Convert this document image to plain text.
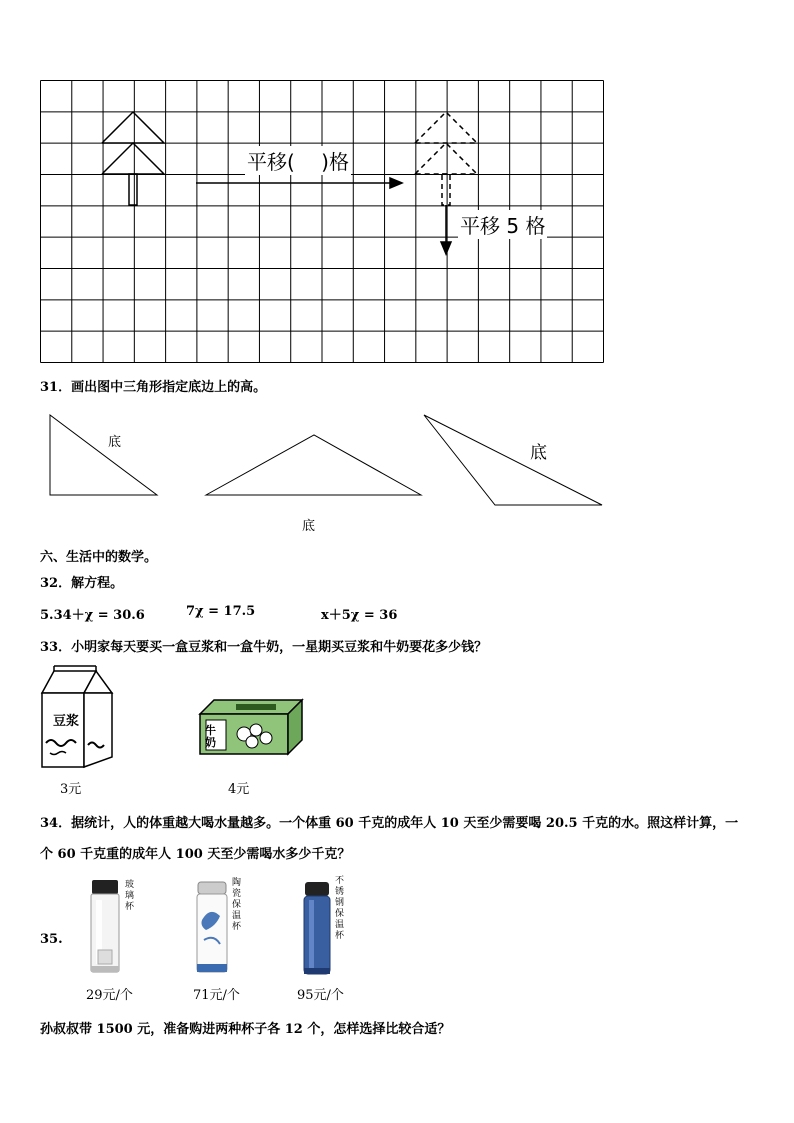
平移(　 )格
平移 5 格
31．画出图中三角形指定底边上的高。
底
底
底
六、生活中的数学。
32．解方程。
5.34＋χ = 30.6	7χ = 17.5	x＋5χ = 36
33．小明家每天要买一盒豆浆和一盒牛奶，一星期买豆浆和牛奶要花多少钱？
豆浆
牛奶
3元	4元
34．据统计，人的体重越大喝水量越多。一个体重 60 千克的成年人 10 天至少需要喝 20.5 千克的水。照这样计算，一
个 60 千克重的成年人 100 天至少需喝水多少千克？
35.
玻璃杯
陶瓷保温杯
不锈钢保温杯
29元/个	71元/个	95元/个
孙叔叔带 1500 元，准备购进两种杯子各 12 个，怎样选择比较合适？
